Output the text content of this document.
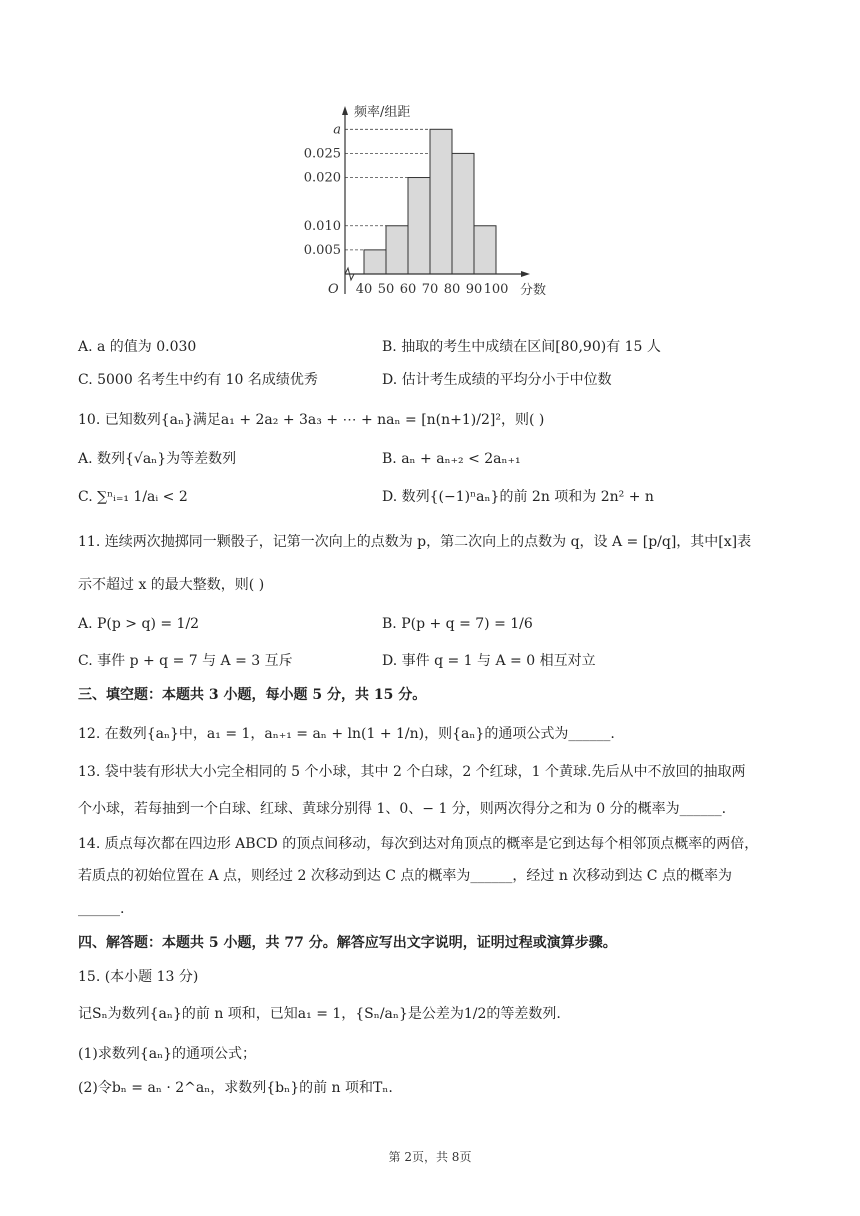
0.005
0.010
0.020
0.025
a
40 50 60 70 80 90 100
频率/组距
分数
O
A. a 的值为 0.030	B. 抽取的考生中成绩在区间[80,90)有 15 人
C. 5000 名考生中约有 10 名成绩优秀	D. 估计考生成绩的平均分小于中位数
10. 已知数列{aₙ}满足a₁ + 2a₂ + 3a₃ + ⋯ + naₙ = [n(n+1)/2]²，则( )
A. 数列{√aₙ}为等差数列	B. aₙ + aₙ₊₂ < 2aₙ₊₁
C. ∑ⁿᵢ₌₁ 1/aᵢ < 2	D. 数列{(−1)ⁿaₙ}的前 2n 项和为 2n² + n
11. 连续两次抛掷同一颗骰子，记第一次向上的点数为 p，第二次向上的点数为 q，设 A = [p/q]，其中[x]表
示不超过 x 的最大整数，则( )
A. P(p > q) = 1/2	B. P(p + q = 7) = 1/6
C. 事件 p + q = 7 与 A = 3 互斥	D. 事件 q = 1 与 A = 0 相互对立
三、填空题：本题共 3 小题，每小题 5 分，共 15 分。
12. 在数列{aₙ}中，a₁ = 1，aₙ₊₁ = aₙ + ln(1 + 1/n)，则{aₙ}的通项公式为______.
13. 袋中装有形状大小完全相同的 5 个小球，其中 2 个白球，2 个红球，1 个黄球.先后从中不放回的抽取两
个小球，若每抽到一个白球、红球、黄球分别得 1、0、− 1 分，则两次得分之和为 0 分的概率为______.
14. 质点每次都在四边形 ABCD 的顶点间移动，每次到达对角顶点的概率是它到达每个相邻顶点概率的两倍，
若质点的初始位置在 A 点，则经过 2 次移动到达 C 点的概率为______，经过 n 次移动到达 C 点的概率为
______.
四、解答题：本题共 5 小题，共 77 分。解答应写出文字说明，证明过程或演算步骤。
15. (本小题 13 分)
记Sₙ为数列{aₙ}的前 n 项和，已知a₁ = 1，{Sₙ/aₙ}是公差为1/2的等差数列.
(1)求数列{aₙ}的通项公式；
(2)令bₙ = aₙ · 2^aₙ，求数列{bₙ}的前 n 项和Tₙ.
第 2页，共 8页
